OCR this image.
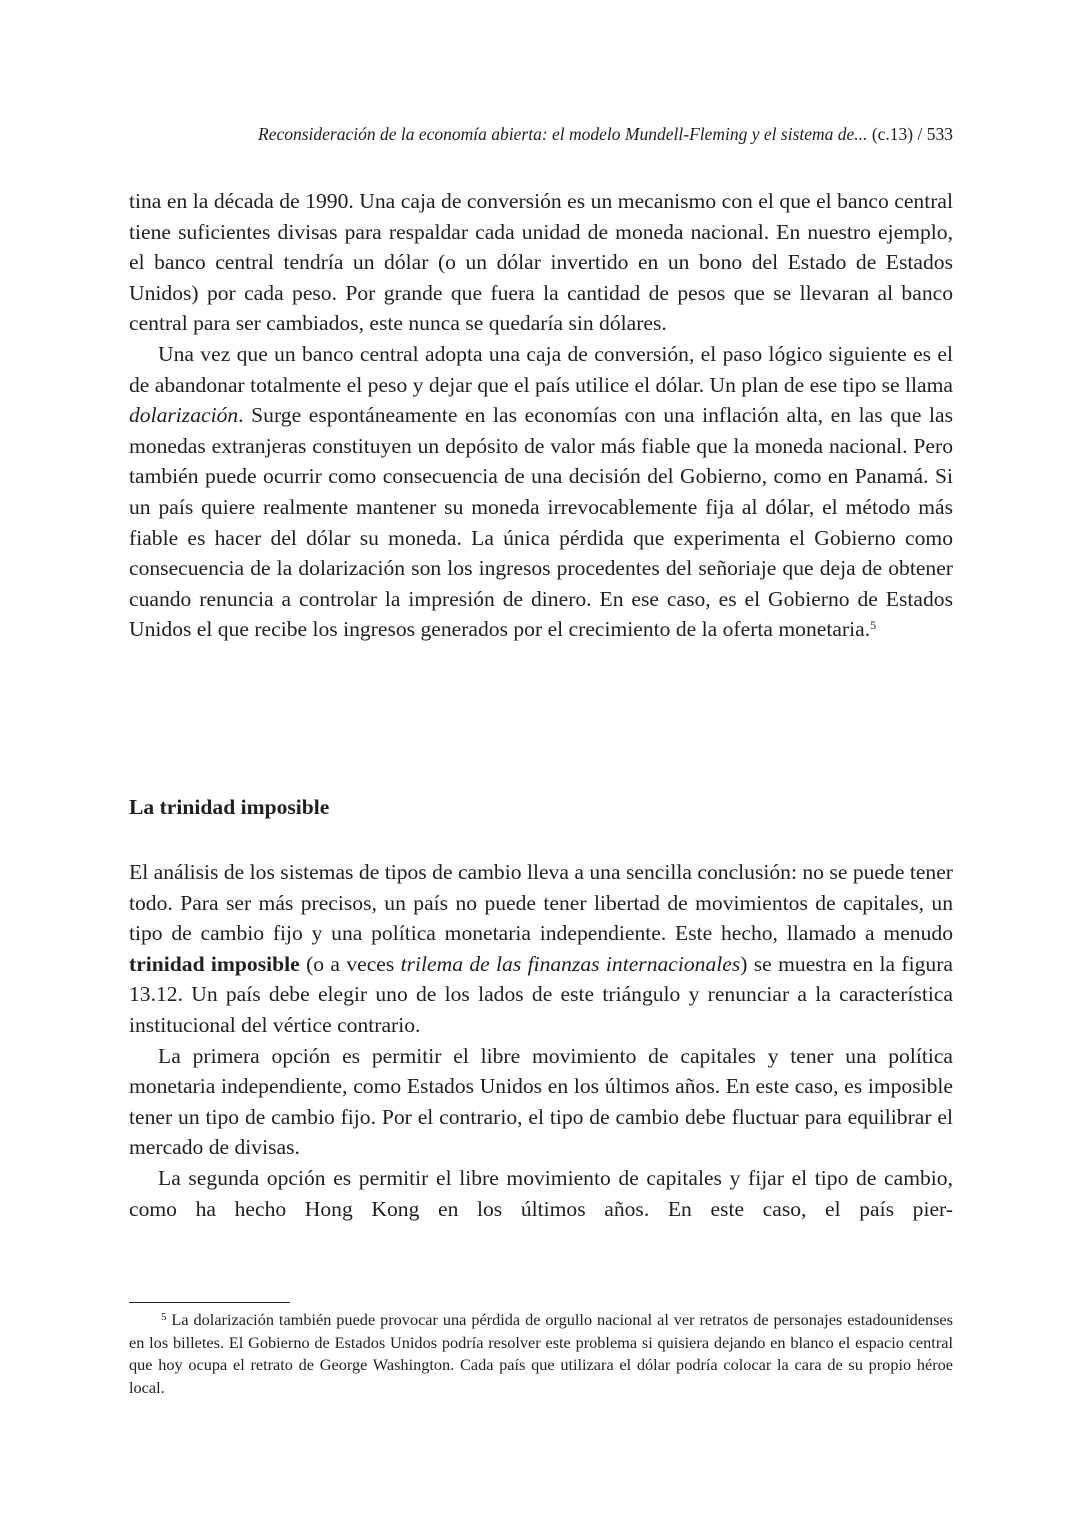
Reconsideración de la economía abierta: el modelo Mundell-Fleming y el sistema de... (c.13) / 533

tina en la década de 1990. Una caja de conversión es un mecanismo con el que el banco central tiene suficientes divisas para respaldar cada unidad de moneda nacional. En nuestro ejemplo, el banco central tendría un dólar (o un dólar invertido en un bono del Estado de Estados Unidos) por cada peso. Por grande que fuera la cantidad de pesos que se llevaran al banco central para ser cambiados, este nunca se quedaría sin dólares.

Una vez que un banco central adopta una caja de conversión, el paso lógico siguiente es el de abandonar totalmente el peso y dejar que el país utilice el dólar. Un plan de ese tipo se llama dolarización. Surge espontáneamente en las economías con una inflación alta, en las que las monedas extranjeras constituyen un depósito de valor más fiable que la moneda nacional. Pero también puede ocurrir como consecuencia de una decisión del Gobierno, como en Panamá. Si un país quiere realmente mantener su moneda irrevocablemente fija al dólar, el método más fiable es hacer del dólar su moneda. La única pérdida que experimenta el Gobierno como consecuencia de la dolarización son los ingresos procedentes del señoriaje que deja de obtener cuando renuncia a controlar la impresión de dinero. En ese caso, es el Gobierno de Estados Unidos el que recibe los ingresos generados por el crecimiento de la oferta monetaria.$^5$

La trinidad imposible

El análisis de los sistemas de tipos de cambio lleva a una sencilla conclusión: no se puede tener todo. Para ser más precisos, un país no puede tener libertad de movimientos de capitales, un tipo de cambio fijo y una política monetaria independiente. Este hecho, llamado a menudo trinidad imposible (o a veces trilema de las finanzas internacionales) se muestra en la figura 13.12. Un país debe elegir uno de los lados de este triángulo y renunciar a la característica institucional del vértice contrario.

La primera opción es permitir el libre movimiento de capitales y tener una política monetaria independiente, como Estados Unidos en los últimos años. En este caso, es imposible tener un tipo de cambio fijo. Por el contrario, el tipo de cambio debe fluctuar para equilibrar el mercado de divisas.

La segunda opción es permitir el libre movimiento de capitales y fijar el tipo de cambio, como ha hecho Hong Kong en los últimos años. En este caso, el país pier-

$^5$ La dolarización también puede provocar una pérdida de orgullo nacional al ver retratos de personajes estadounidenses en los billetes. El Gobierno de Estados Unidos podría resolver este problema si quisiera dejando en blanco el espacio central que hoy ocupa el retrato de George Washington. Cada país que utilizara el dólar podría colocar la cara de su propio héroe local.
